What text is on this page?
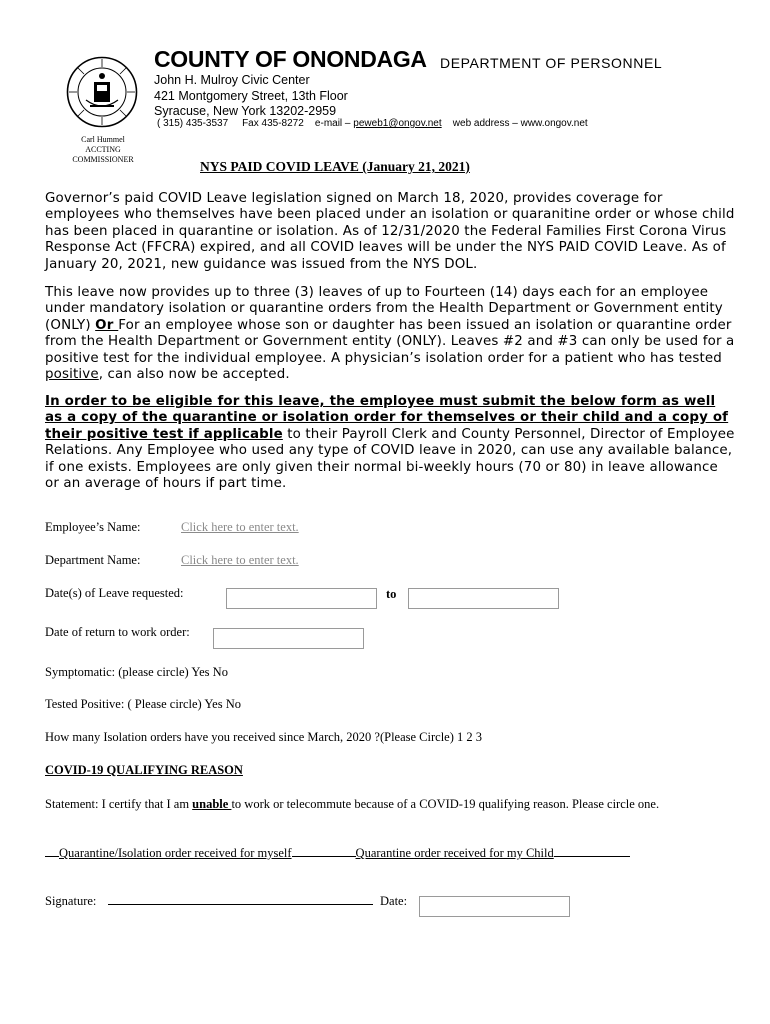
COUNTY OF ONONDAGA DEPARTMENT OF PERSONNEL
John H. Mulroy Civic Center
421 Montgomery Street, 13th Floor
Syracuse, New York 13202-2959
( 315) 435-3537 Fax 435-8272 e-mail – peweb1@ongov.net web address – www.ongov.net
Carl Hummel
ACCTING
COMMISSIONER	NYS PAID COVID LEAVE (January 21, 2021)
Governor’s paid COVID Leave legislation signed on March 18, 2020, provides coverage for employees who themselves have been placed under an isolation or quaranitine order or whose child has been placed in quarantine or isolation. As of 12/31/2020 the Federal Families First Corona Virus Response Act (FFCRA) expired, and all COVID leaves will be under the NYS PAID COVID Leave. As of January 20, 2021, new guidance was issued from the NYS DOL.
This leave now provides up to three (3) leaves of up to Fourteen (14) days each for an employee under mandatory isolation or quarantine orders from the Health Department or Government entity (ONLY) Or For an employee whose son or daughter has been issued an isolation or quarantine order from the Health Department or Government entity (ONLY). Leaves #2 and #3 can only be used for a positive test for the individual employee. A physician’s isolation order for a patient who has tested positive, can also now be accepted.
In order to be eligible for this leave, the employee must submit the below form as well as a copy of the quarantine or isolation order for themselves or their child and a copy of their positive test if applicable to their Payroll Clerk and County Personnel, Director of Employee Relations. Any Employee who used any type of COVID leave in 2020, can use any available balance, if one exists. Employees are only given their normal bi-weekly hours (70 or 80) in leave allowance or an average of hours if part time.
Employee’s Name:	Click here to enter text.
Department Name:	Click here to enter text.
Date(s) of Leave requested:	to
Date of return to work order:
Symptomatic: (please circle) Yes No
Tested Positive: ( Please circle) Yes No
How many Isolation orders have you received since March, 2020 ?(Please Circle) 1 2 3
COVID-19 QUALIFYING REASON
Statement: I certify that I am unable to work or telecommute because of a COVID-19 qualifying reason. Please circle one.
Quarantine/Isolation order received for myself	Quarantine order received for my Child
Signature:	Date:
